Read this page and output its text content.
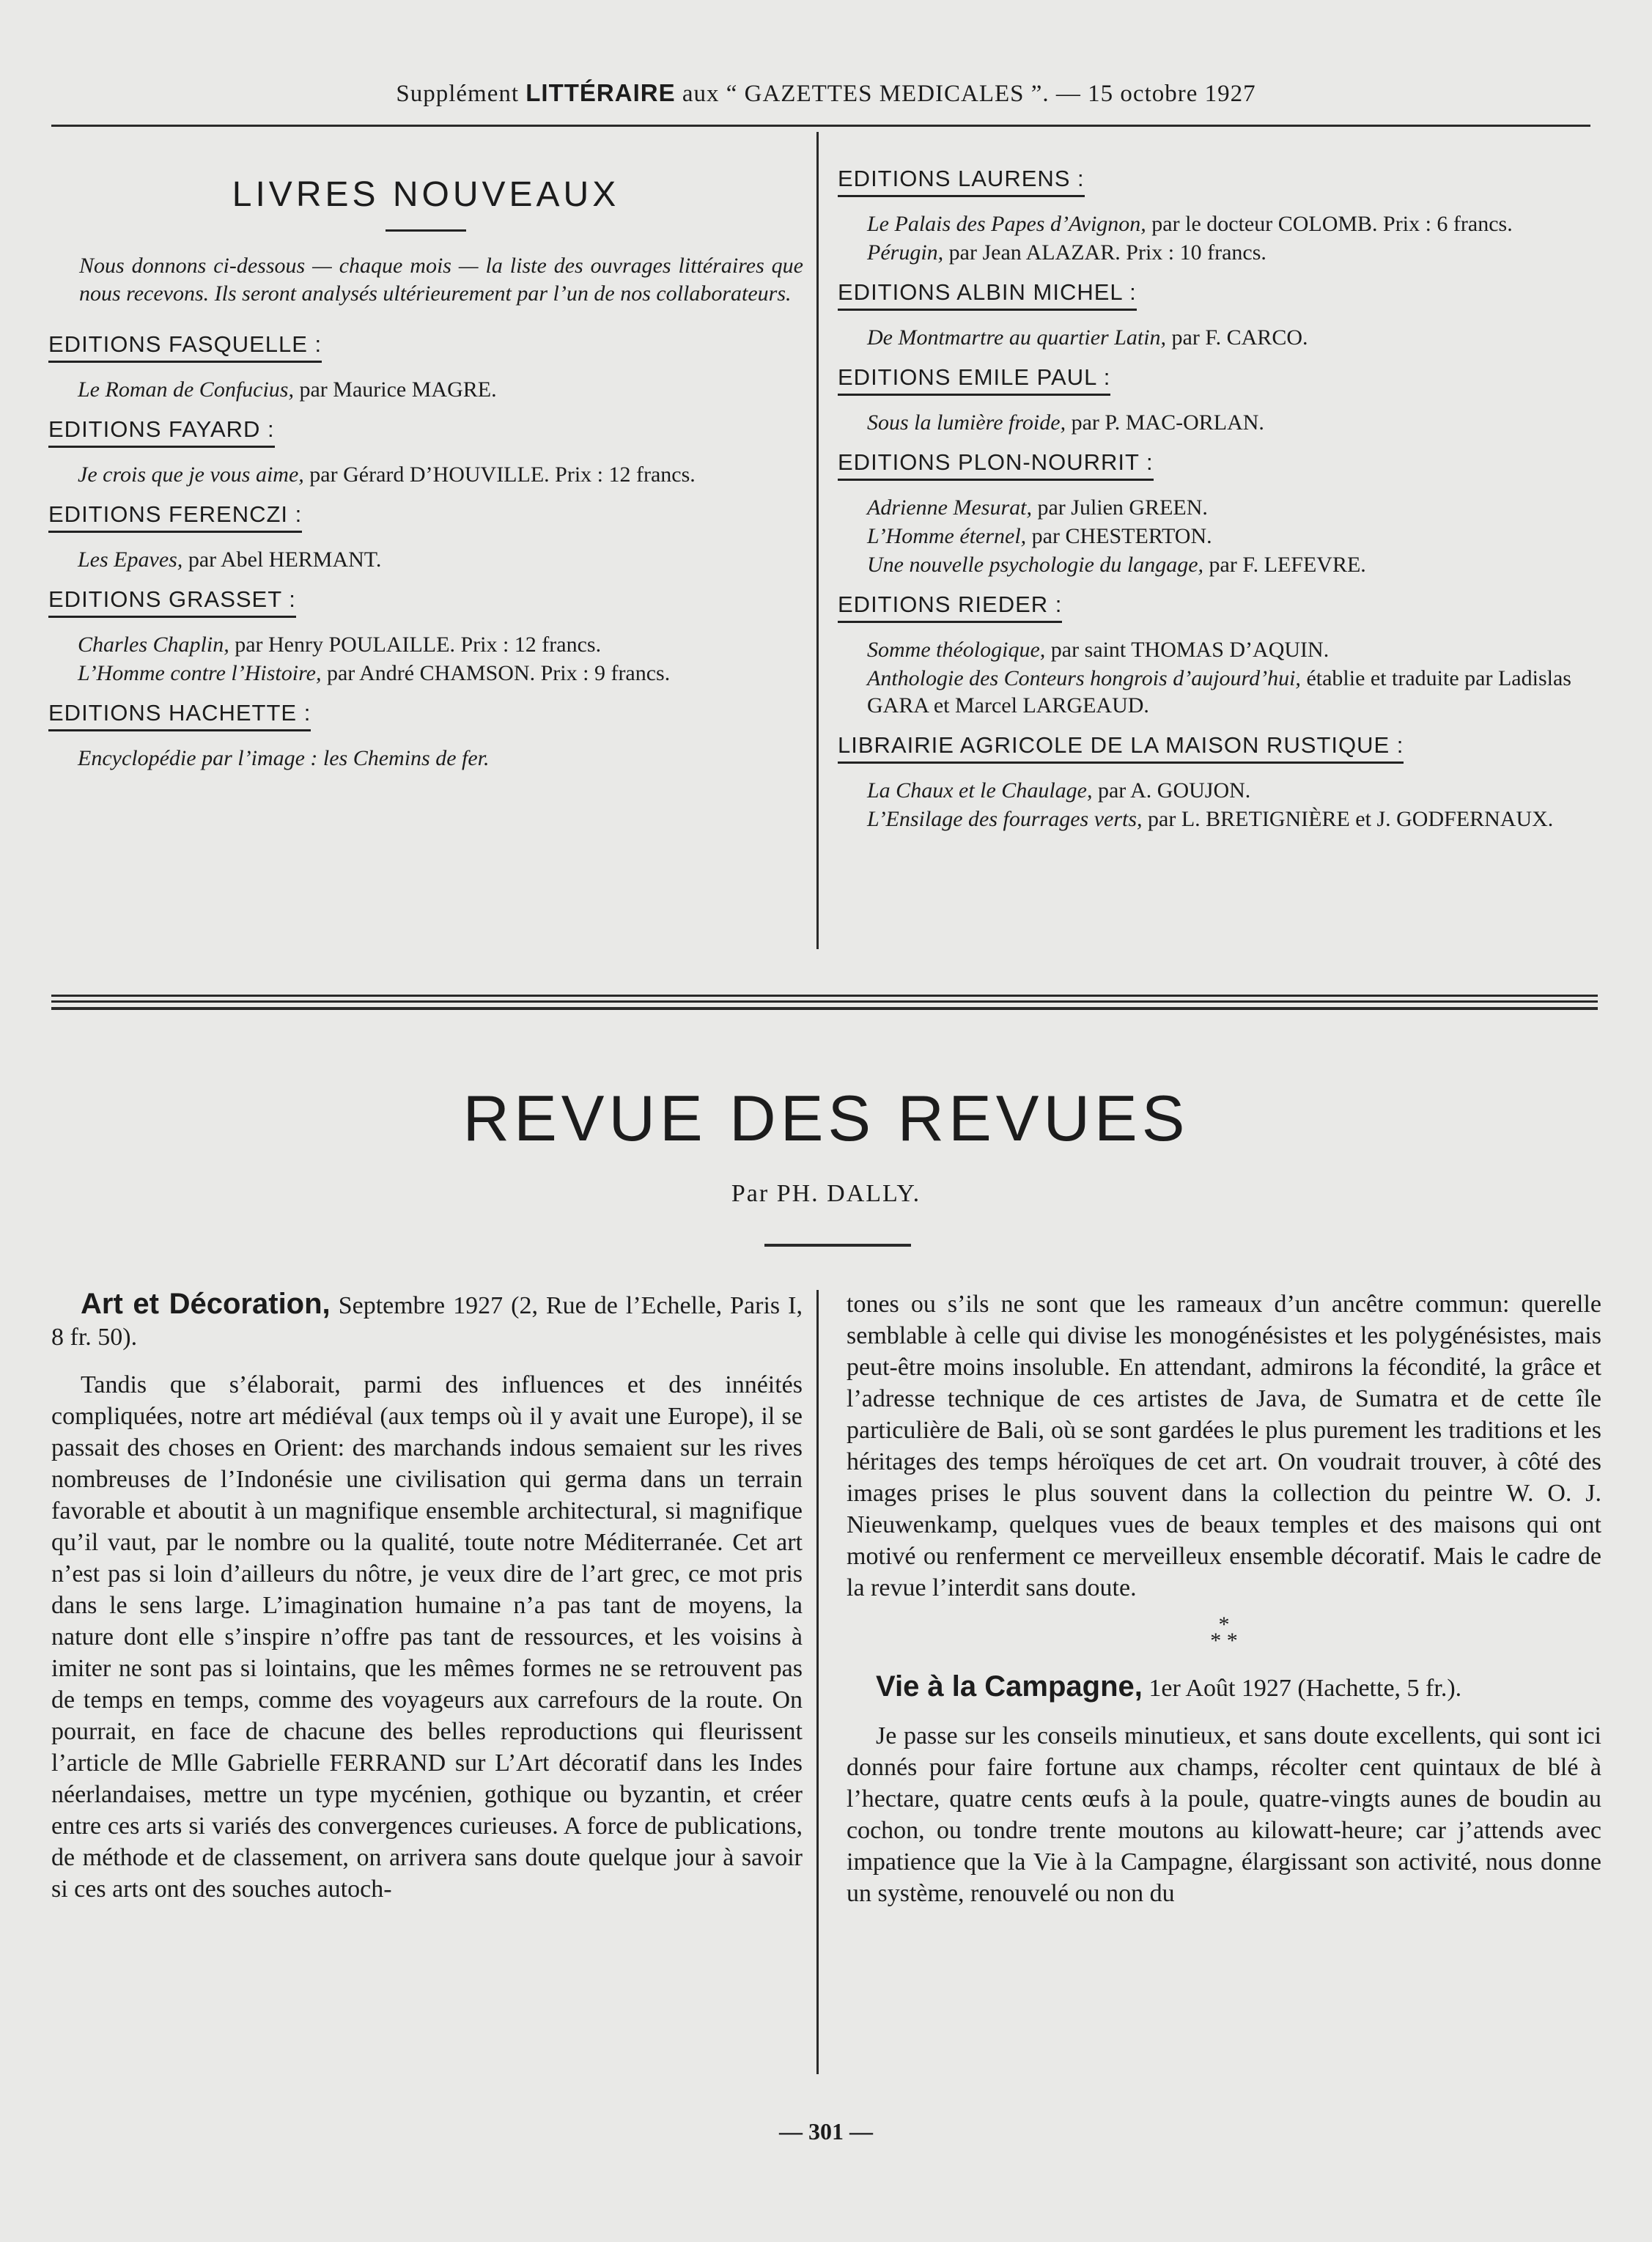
Supplément LITTÉRAIRE aux “ GAZETTES MEDICALES ”. — 15 octobre 1927
LIVRES NOUVEAUX

Nous donnons ci-dessous — chaque mois — la liste des ouvrages littéraires que nous recevons. Ils seront analysés ultérieurement par l’un de nos collaborateurs.

EDITIONS FASQUELLE :

Le Roman de Confucius, par Maurice MAGRE.

EDITIONS FAYARD :

Je crois que je vous aime, par Gérard D’HOUVILLE. Prix : 12 francs.

EDITIONS FERENCZI :

Les Epaves, par Abel HERMANT.

EDITIONS GRASSET :

Charles Chaplin, par Henry POULAILLE. Prix : 12 francs.

L’Homme contre l’Histoire, par André CHAMSON. Prix : 9 francs.

EDITIONS HACHETTE :

Encyclopédie par l’image : les Chemins de fer.

EDITIONS LAURENS :

Le Palais des Papes d’Avignon, par le docteur COLOMB. Prix : 6 francs.

Pérugin, par Jean ALAZAR. Prix : 10 francs.

EDITIONS ALBIN MICHEL :

De Montmartre au quartier Latin, par F. CARCO.

EDITIONS EMILE PAUL :

Sous la lumière froide, par P. MAC-ORLAN.

EDITIONS PLON-NOURRIT :

Adrienne Mesurat, par Julien GREEN.

L’Homme éternel, par CHESTERTON.

Une nouvelle psychologie du langage, par F. LEFEVRE.

EDITIONS RIEDER :

Somme théologique, par saint THOMAS D’AQUIN.

Anthologie des Conteurs hongrois d’aujourd’hui, établie et traduite par Ladislas GARA et Marcel LARGEAUD.

LIBRAIRIE AGRICOLE DE LA MAISON RUSTIQUE :

La Chaux et le Chaulage, par A. GOUJON.

L’Ensilage des fourrages verts, par L. BRETIGNIÈRE et J. GODFERNAUX.

REVUE DES REVUES
Par PH. DALLY.
Art et Décoration, Septembre 1927 (2, Rue de l’Echelle, Paris I, 8 fr. 50).

Tandis que s’élaborait, parmi des influences et des innéités compliquées, notre art médiéval (aux temps où il y avait une Europe), il se passait des choses en Orient: des marchands indous semaient sur les rives nombreuses de l’Indonésie une civilisation qui germa dans un terrain favorable et aboutit à un magnifique ensemble architectural, si magnifique qu’il vaut, par le nombre ou la qualité, toute notre Méditerranée. Cet art n’est pas si loin d’ailleurs du nôtre, je veux dire de l’art grec, ce mot pris dans le sens large. L’imagination humaine n’a pas tant de moyens, la nature dont elle s’inspire n’offre pas tant de ressources, et les voisins à imiter ne sont pas si lointains, que les mêmes formes ne se retrouvent pas de temps en temps, comme des voyageurs aux carrefours de la route. On pourrait, en face de chacune des belles reproductions qui fleurissent l’article de Mlle Gabrielle FERRAND sur L’Art décoratif dans les Indes néerlandaises, mettre un type mycénien, gothique ou byzantin, et créer entre ces arts si variés des convergences curieuses. A force de publications, de méthode et de classement, on arrivera sans doute quelque jour à savoir si ces arts ont des souches autoch-

tones ou s’ils ne sont que les rameaux d’un ancêtre commun: querelle semblable à celle qui divise les monogénésistes et les polygénésistes, mais peut-être moins insoluble. En attendant, admirons la fécondité, la grâce et l’adresse technique de ces artistes de Java, de Sumatra et de cette île particulière de Bali, où se sont gardées le plus purement les traditions et les héritages des temps héroïques de cet art. On voudrait trouver, à côté des images prises le plus souvent dans la collection du peintre W. O. J. Nieuwenkamp, quelques vues de beaux temples et des maisons qui ont motivé ou renferment ce merveilleux ensemble décoratif. Mais le cadre de la revue l’interdit sans doute.

*
* *
Vie à la Campagne, 1er Août 1927 (Hachette, 5 fr.).

Je passe sur les conseils minutieux, et sans doute excellents, qui sont ici donnés pour faire fortune aux champs, récolter cent quintaux de blé à l’hectare, quatre cents œufs à la poule, quatre-vingts aunes de boudin au cochon, ou tondre trente moutons au kilowatt-heure; car j’attends avec impatience que la Vie à la Campagne, élargissant son activité, nous donne un système, renouvelé ou non du

— 301 —
